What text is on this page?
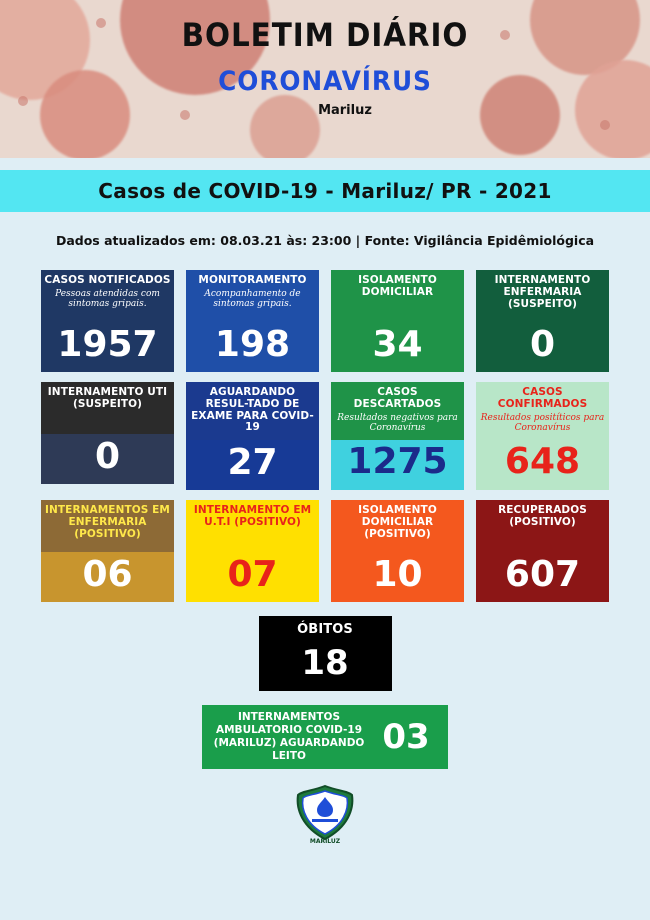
BOLETIM DIÁRIO
CORONAVÍRUS
Mariluz
Casos de COVID-19 - Mariluz/ PR - 2021
Dados atualizados em: 08.03.21 às: 23:00 | Fonte: Vigilância Epidêmiológica
CASOS NOTIFICADOS
Pessoas atendidas com sintomas gripais.
1957
MONITORAMENTO
Acompanhamento de sintomas gripais.
198
ISOLAMENTO DOMICILIAR
34
INTERNAMENTO ENFERMARIA (SUSPEITO)
0
INTERNAMENTO UTI (SUSPEITO)
0
AGUARDANDO RESUL-TADO DE EXAME PARA COVID-19
27
CASOS DESCARTADOS
Resultados negativos para Coronavírus
1275
CASOS CONFIRMADOS
Resultados positíticos para Coronavírus
648
INTERNAMENTOS EM ENFERMARIA (POSITIVO)
06
INTERNAMENTO EM U.T.I (POSITIVO)
07
ISOLAMENTO DOMICILIAR (POSITIVO)
10
RECUPERADOS (POSITIVO)
607
ÓBITOS
18
INTERNAMENTOS AMBULATORIO COVID-19 (MARILUZ) AGUARDANDO LEITO	03
MARILUZ
